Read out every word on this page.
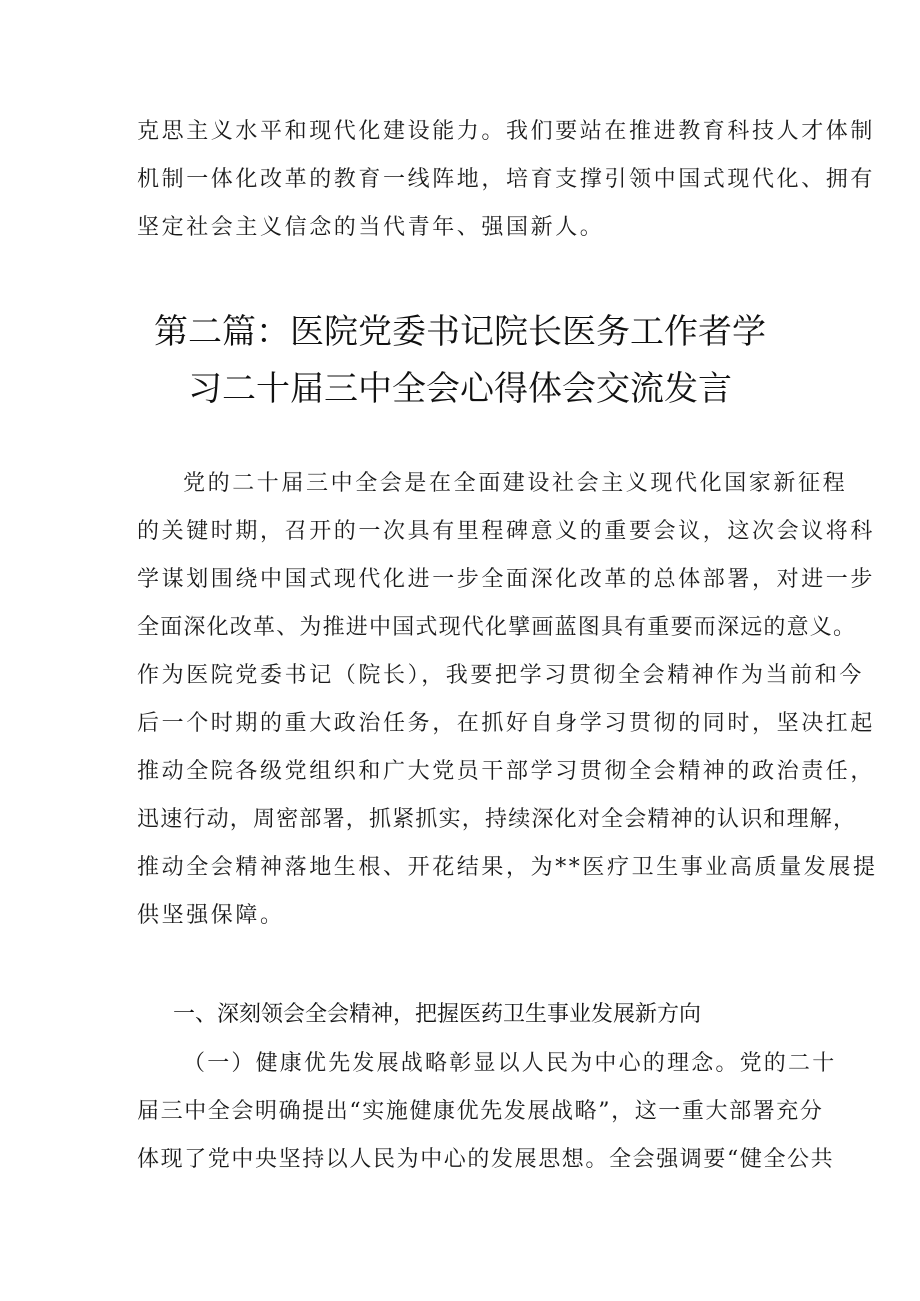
克思主义水平和现代化建设能力。我们要站在推进教育科技人才体制
机制一体化改革的教育一线阵地，培育支撑引领中国式现代化、拥有
坚定社会主义信念的当代青年、强国新人。
第二篇：医院党委书记院长医务工作者学
习二十届三中全会心得体会交流发言
党的二十届三中全会是在全面建设社会主义现代化国家新征程
的关键时期，召开的一次具有里程碑意义的重要会议，这次会议将科
学谋划围绕中国式现代化进一步全面深化改革的总体部署，对进一步
全面深化改革、为推进中国式现代化擘画蓝图具有重要而深远的意义。
作为医院党委书记（院长），我要把学习贯彻全会精神作为当前和今
后一个时期的重大政治任务，在抓好自身学习贯彻的同时，坚决扛起
推动全院各级党组织和广大党员干部学习贯彻全会精神的政治责任，
迅速行动，周密部署，抓紧抓实，持续深化对全会精神的认识和理解，
推动全会精神落地生根、开花结果，为**医疗卫生事业高质量发展提
供坚强保障。
一、深刻领会全会精神，把握医药卫生事业发展新方向
（一）健康优先发展战略彰显以人民为中心的理念。党的二十
届三中全会明确提出“实施健康优先发展战略”，这一重大部署充分
体现了党中央坚持以人民为中心的发展思想。全会强调要“健全公共
